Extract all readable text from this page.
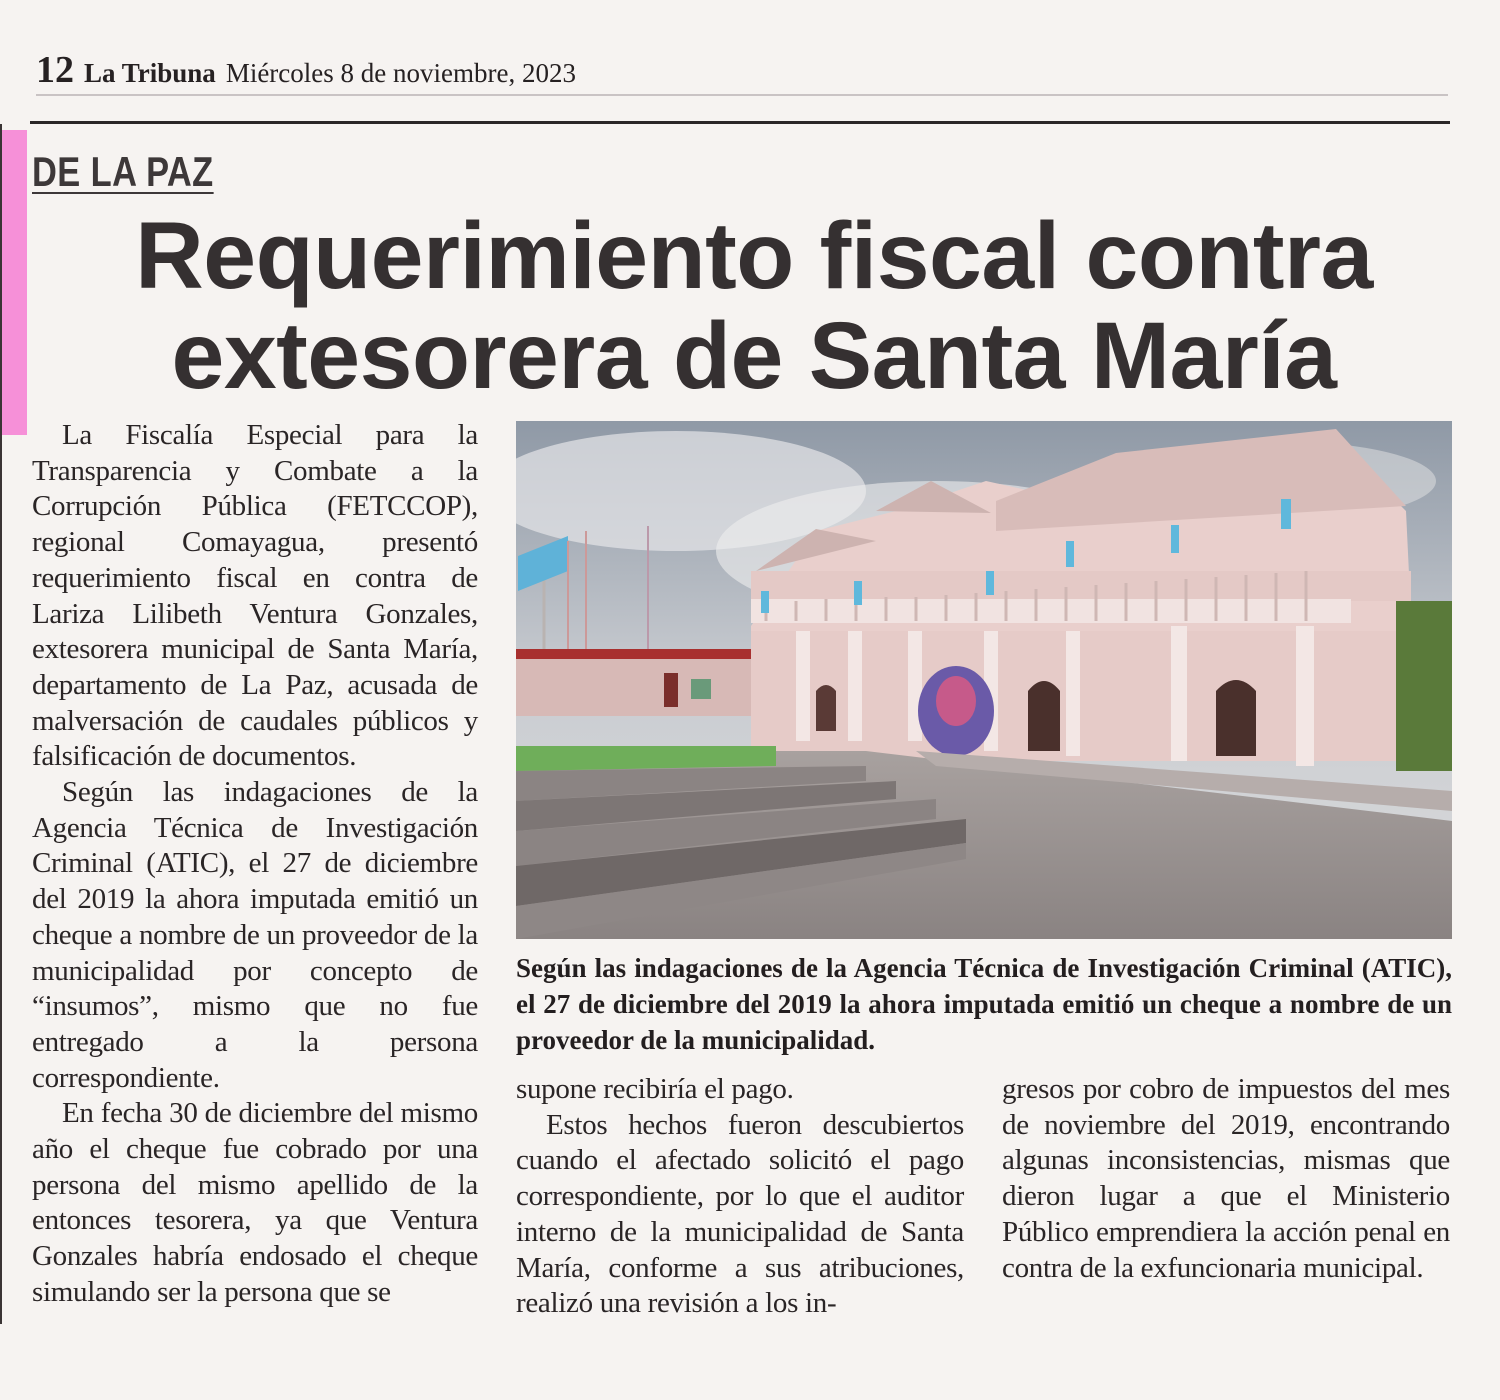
12 La Tribuna Miércoles 8 de noviembre, 2023
DE LA PAZ
Requerimiento fiscal contra
extesorera de Santa María

La Fiscalía Especial para la Transparencia y Combate a la Corrupción Pública (FETCCOP), regional Comayagua, presentó requerimiento fiscal en contra de Lariza Lilibeth Ventura Gonzales, extesorera municipal de Santa María, departamento de La Paz, acusada de malversación de caudales públicos y falsificación de documentos.

Según las indagaciones de la Agencia Técnica de Investigación Criminal (ATIC), el 27 de diciembre del 2019 la ahora imputada emitió un cheque a nombre de un proveedor de la municipalidad por concepto de “insumos”, mismo que no fue entregado a la persona correspondiente.

En fecha 30 de diciembre del mismo año el cheque fue cobrado por una persona del mismo apellido de la entonces tesorera, ya que Ventura Gonzales habría endosado el cheque simulando ser la persona que se

Según las indagaciones de la Agencia Técnica de Investigación Criminal (ATIC), el 27 de diciembre del 2019 la ahora imputada emitió un cheque a nombre de un proveedor de la municipalidad.

supone recibiría el pago.

Estos hechos fueron descubiertos cuando el afectado solicitó el pago correspondiente, por lo que el auditor interno de la municipalidad de Santa María, conforme a sus atribuciones, realizó una revisión a los in-

gresos por cobro de impuestos del mes de noviembre del 2019, encontrando algunas inconsistencias, mismas que dieron lugar a que el Ministerio Público emprendiera la acción penal en contra de la exfuncionaria municipal.
